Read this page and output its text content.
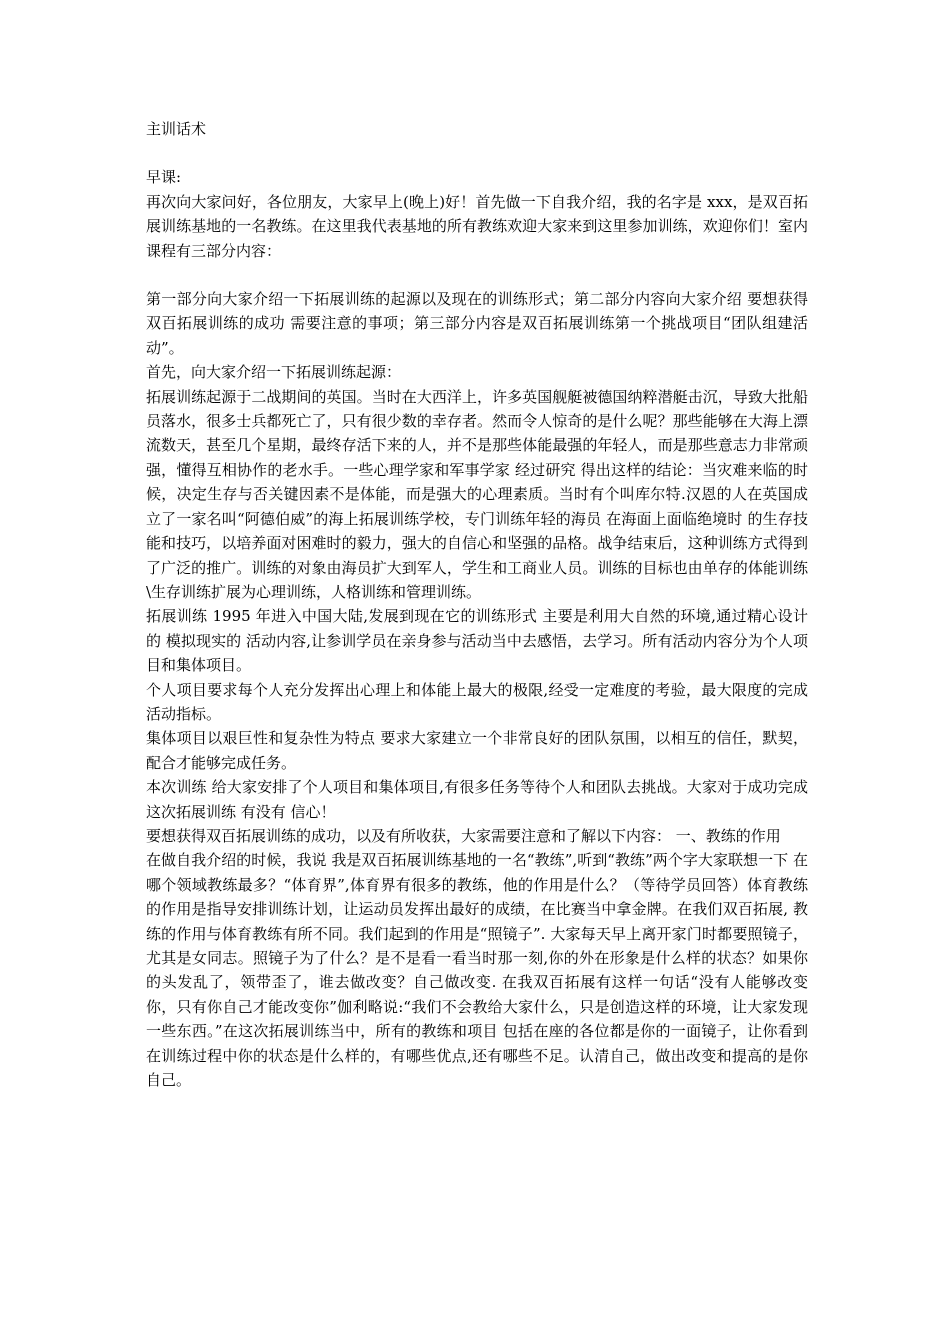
主训话术

早课:

再次向大家问好，各位朋友，大家早上(晚上)好！首先做一下自我介绍，我的名字是 xxx，是双百拓展训练基地的一名教练。在这里我代表基地的所有教练欢迎大家来到这里参加训练，欢迎你们！室内课程有三部分内容：

第一部分向大家介绍一下拓展训练的起源以及现在的训练形式；第二部分内容向大家介绍 要想获得双百拓展训练的成功 需要注意的事项；第三部分内容是双百拓展训练第一个挑战项目“团队组建活动”。

首先，向大家介绍一下拓展训练起源：

拓展训练起源于二战期间的英国。当时在大西洋上，许多英国舰艇被德国纳粹潜艇击沉，导致大批船员落水，很多士兵都死亡了，只有很少数的幸存者。然而令人惊奇的是什么呢？那些能够在大海上漂流数天，甚至几个星期，最终存活下来的人，并不是那些体能最强的年轻人，而是那些意志力非常顽强，懂得互相协作的老水手。一些心理学家和军事学家 经过研究 得出这样的结论：当灾难来临的时候，决定生存与否关键因素不是体能，而是强大的心理素质。当时有个叫库尔特.汉恩的人在英国成立了一家名叫“阿德伯威”的海上拓展训练学校，专门训练年轻的海员 在海面上面临绝境时 的生存技能和技巧，以培养面对困难时的毅力，强大的自信心和坚强的品格。战争结束后，这种训练方式得到了广泛的推广。训练的对象由海员扩大到军人，学生和工商业人员。训练的目标也由单存的体能训练\生存训练扩展为心理训练，人格训练和管理训练。

拓展训练 1995 年进入中国大陆,发展到现在它的训练形式 主要是利用大自然的环境,通过精心设计的 模拟现实的 活动内容,让参训学员在亲身参与活动当中去感悟，去学习。所有活动内容分为个人项目和集体项目。

个人项目要求每个人充分发挥出心理上和体能上最大的极限,经受一定难度的考验，最大限度的完成活动指标。

集体项目以艰巨性和复杂性为特点 要求大家建立一个非常良好的团队氛围，以相互的信任，默契，配合才能够完成任务。

本次训练 给大家安排了个人项目和集体项目,有很多任务等待个人和团队去挑战。大家对于成功完成这次拓展训练 有没有 信心！

要想获得双百拓展训练的成功，以及有所收获，大家需要注意和了解以下内容： 一、教练的作用

在做自我介绍的时候，我说 我是双百拓展训练基地的一名“教练”,听到“教练”两个字大家联想一下 在哪个领域教练最多？“体育界”,体育界有很多的教练，他的作用是什么？（等待学员回答）体育教练的作用是指导安排训练计划，让运动员发挥出最好的成绩，在比赛当中拿金牌。在我们双百拓展, 教练的作用与体育教练有所不同。我们起到的作用是“照镜子”. 大家每天早上离开家门时都要照镜子，尤其是女同志。照镜子为了什么？是不是看一看当时那一刻,你的外在形象是什么样的状态？如果你的头发乱了，领带歪了，谁去做改变？自己做改变. 在我双百拓展有这样一句话“没有人能够改变你，只有你自己才能改变你”伽利略说:“我们不会教给大家什么，只是创造这样的环境，让大家发现一些东西。”在这次拓展训练当中，所有的教练和项目 包括在座的各位都是你的一面镜子，让你看到在训练过程中你的状态是什么样的，有哪些优点,还有哪些不足。认清自己，做出改变和提高的是你自己。
